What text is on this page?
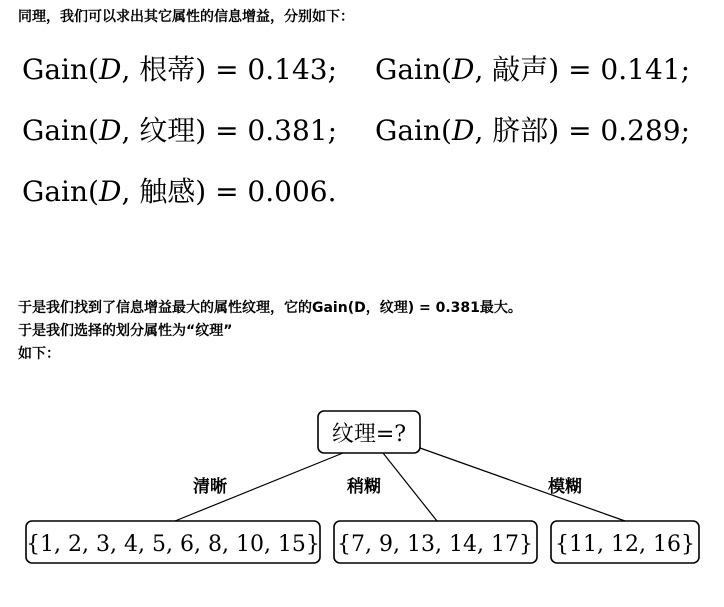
同理，我们可以求出其它属性的信息增益，分别如下：
Gain(D, 根蒂) = 0.143; Gain(D, 敲声) = 0.141;
Gain(D, 纹理) = 0.381; Gain(D, 脐部) = 0.289;
Gain(D, 触感) = 0.006.
于是我们找到了信息增益最大的属性纹理，它的Gain(D，纹理) = 0.381最大。
于是我们选择的划分属性为“纹理”
如下：
纹理=?
清晰	稍糊	模糊
{1, 2, 3, 4, 5, 6, 8, 10, 15} {7, 9, 13, 14, 17} {11, 12, 16}
